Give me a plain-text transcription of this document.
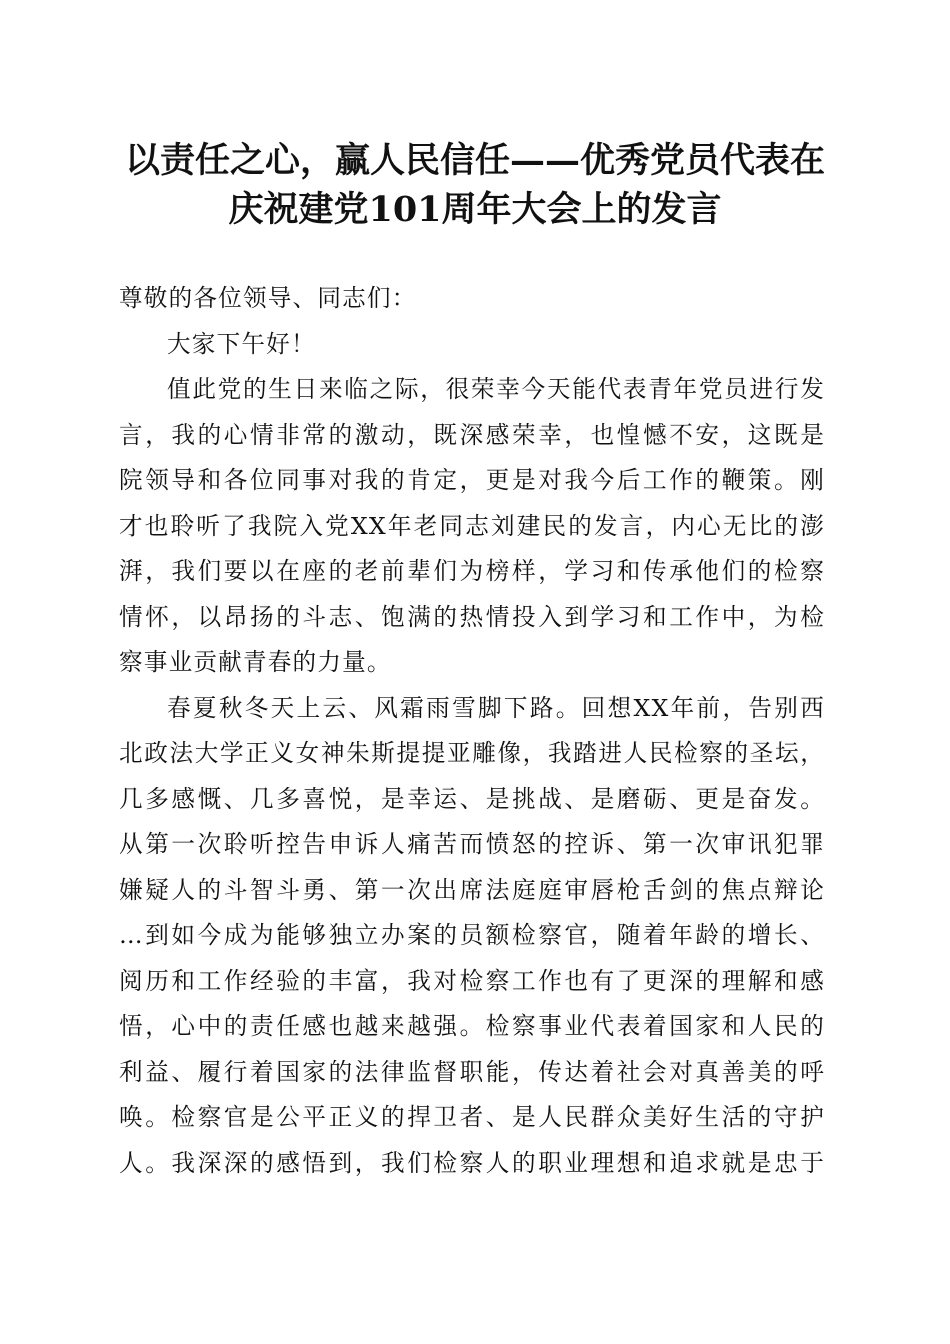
以责任之心，赢人民信任——优秀党员代表在
庆祝建党101周年大会上的发言
尊敬的各位领导、同志们：
大家下午好！
值此党的生日来临之际，很荣幸今天能代表青年党员进行发
言，我的心情非常的激动，既深感荣幸，也惶憾不安，这既是
院领导和各位同事对我的肯定，更是对我今后工作的鞭策。刚
才也聆听了我院入党XX年老同志刘建民的发言，内心无比的澎
湃，我们要以在座的老前辈们为榜样，学习和传承他们的检察
情怀，以昂扬的斗志、饱满的热情投入到学习和工作中，为检
察事业贡献青春的力量。
春夏秋冬天上云、风霜雨雪脚下路。回想XX年前，告别西
北政法大学正义女神朱斯提提亚雕像，我踏进人民检察的圣坛，
几多感慨、几多喜悦，是幸运、是挑战、是磨砺、更是奋发。
从第一次聆听控告申诉人痛苦而愤怒的控诉、第一次审讯犯罪
嫌疑人的斗智斗勇、第一次出席法庭庭审唇枪舌剑的焦点辩论
…到如今成为能够独立办案的员额检察官，随着年龄的增长、
阅历和工作经验的丰富，我对检察工作也有了更深的理解和感
悟，心中的责任感也越来越强。检察事业代表着国家和人民的
利益、履行着国家的法律监督职能，传达着社会对真善美的呼
唤。检察官是公平正义的捍卫者、是人民群众美好生活的守护
人。我深深的感悟到，我们检察人的职业理想和追求就是忠于
